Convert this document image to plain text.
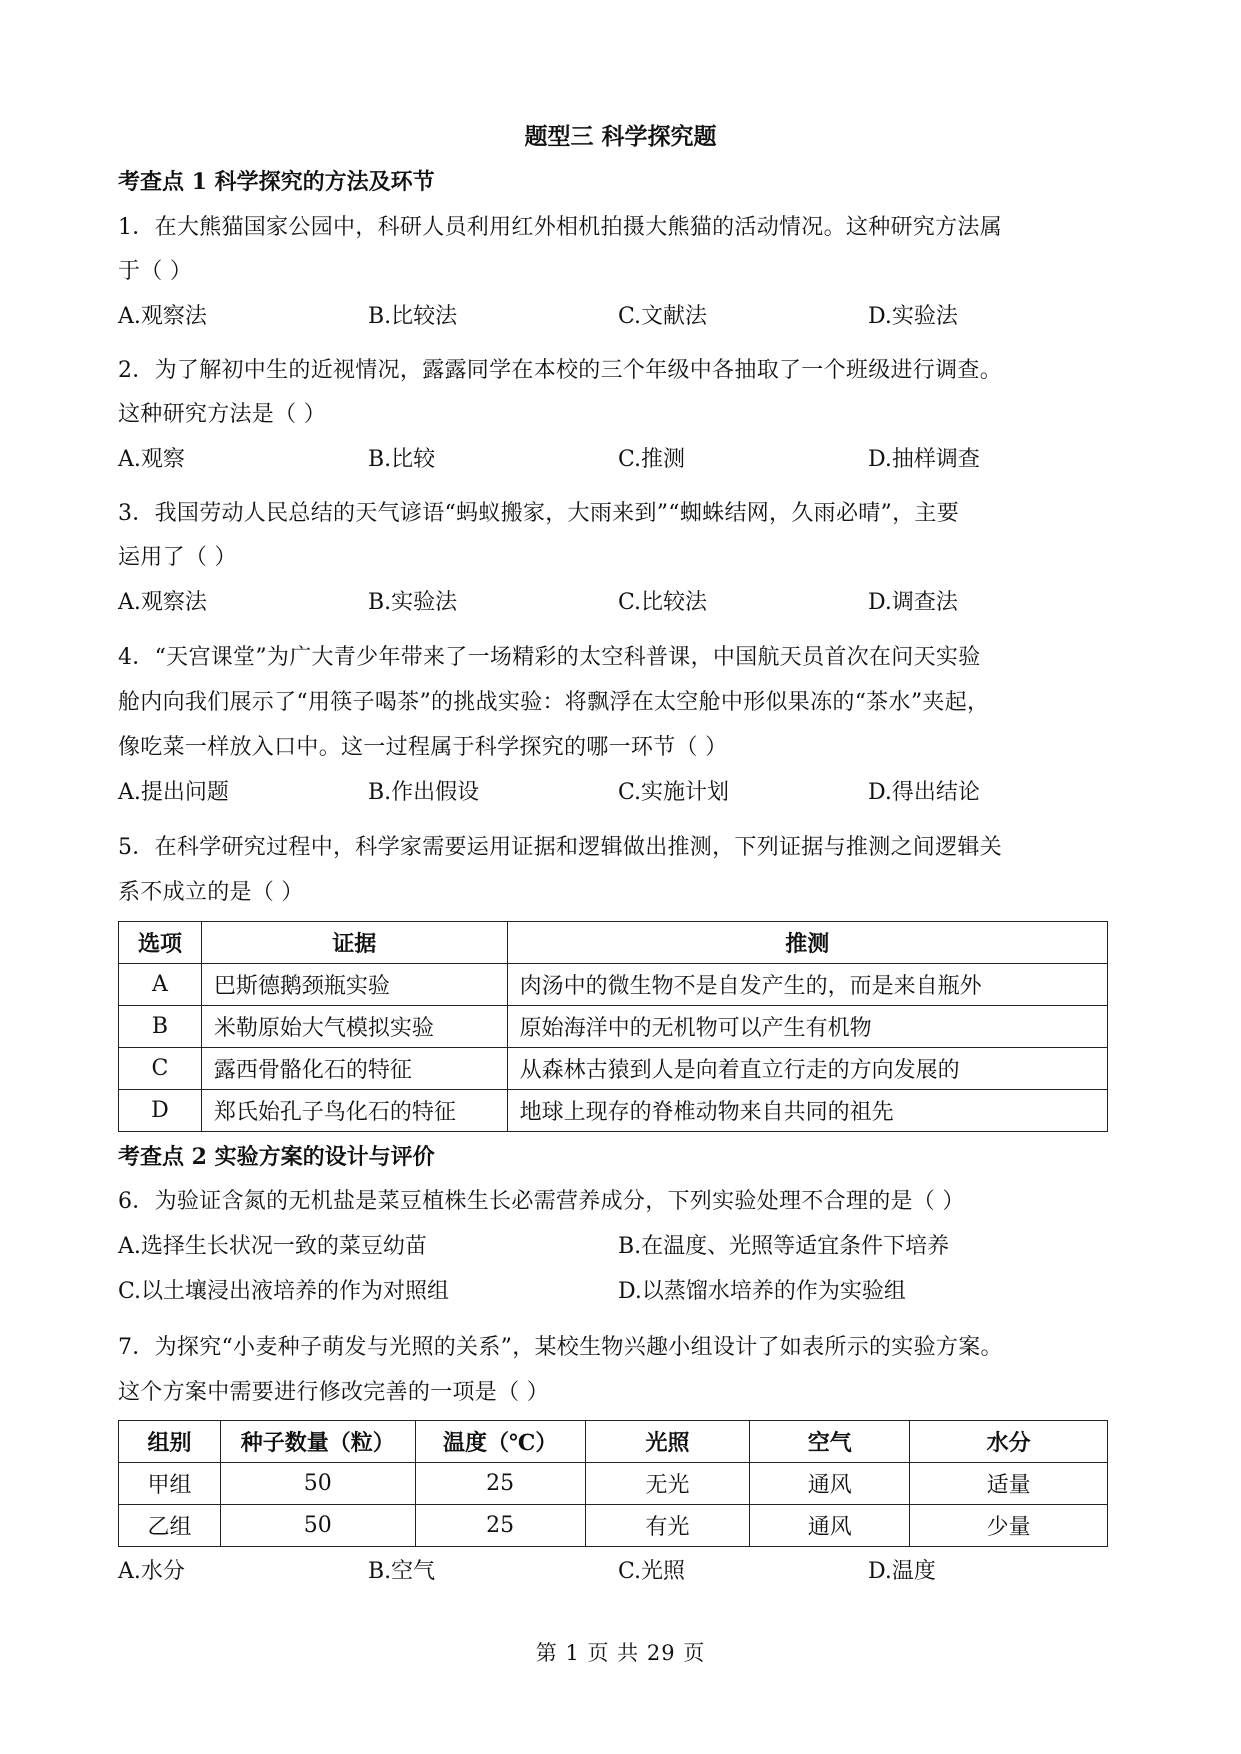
题型三 科学探究题
考查点 1 科学探究的方法及环节
1．在大熊猫国家公园中，科研人员利用红外相机拍摄大熊猫的活动情况。这种研究方法属
于（ ）
A.观察法	B.比较法	C.文献法	D.实验法
2．为了解初中生的近视情况，露露同学在本校的三个年级中各抽取了一个班级进行调查。
这种研究方法是（ ）
A.观察	B.比较	C.推测	D.抽样调查
3．我国劳动人民总结的天气谚语“蚂蚁搬家，大雨来到”“蜘蛛结网，久雨必晴”，主要
运用了（ ）
A.观察法	B.实验法	C.比较法	D.调查法
4．“天宫课堂”为广大青少年带来了一场精彩的太空科普课，中国航天员首次在问天实验
舱内向我们展示了“用筷子喝茶”的挑战实验：将飘浮在太空舱中形似果冻的“茶水”夹起，
像吃菜一样放入口中。这一过程属于科学探究的哪一环节（ ）
A.提出问题	B.作出假设	C.实施计划	D.得出结论
5．在科学研究过程中，科学家需要运用证据和逻辑做出推测，下列证据与推测之间逻辑关
系不成立的是（ ）
选项	证据	推测
A	巴斯德鹅颈瓶实验	肉汤中的微生物不是自发产生的，而是来自瓶外
B	米勒原始大气模拟实验	原始海洋中的无机物可以产生有机物
C	露西骨骼化石的特征	从森林古猿到人是向着直立行走的方向发展的
D	郑氏始孔子鸟化石的特征	地球上现存的脊椎动物来自共同的祖先
考查点 2 实验方案的设计与评价
6．为验证含氮的无机盐是菜豆植株生长必需营养成分，下列实验处理不合理的是（ ）
A.选择生长状况一致的菜豆幼苗	B.在温度、光照等适宜条件下培养
C.以土壤浸出液培养的作为对照组	D.以蒸馏水培养的作为实验组
7．为探究“小麦种子萌发与光照的关系”，某校生物兴趣小组设计了如表所示的实验方案。
这个方案中需要进行修改完善的一项是（ ）
组别	种子数量（粒）	温度（℃）	光照	空气	水分
甲组	50	25	无光	通风	适量
乙组	50	25	有光	通风	少量
A.水分	B.空气	C.光照	D.温度
第 1 页 共 29 页
